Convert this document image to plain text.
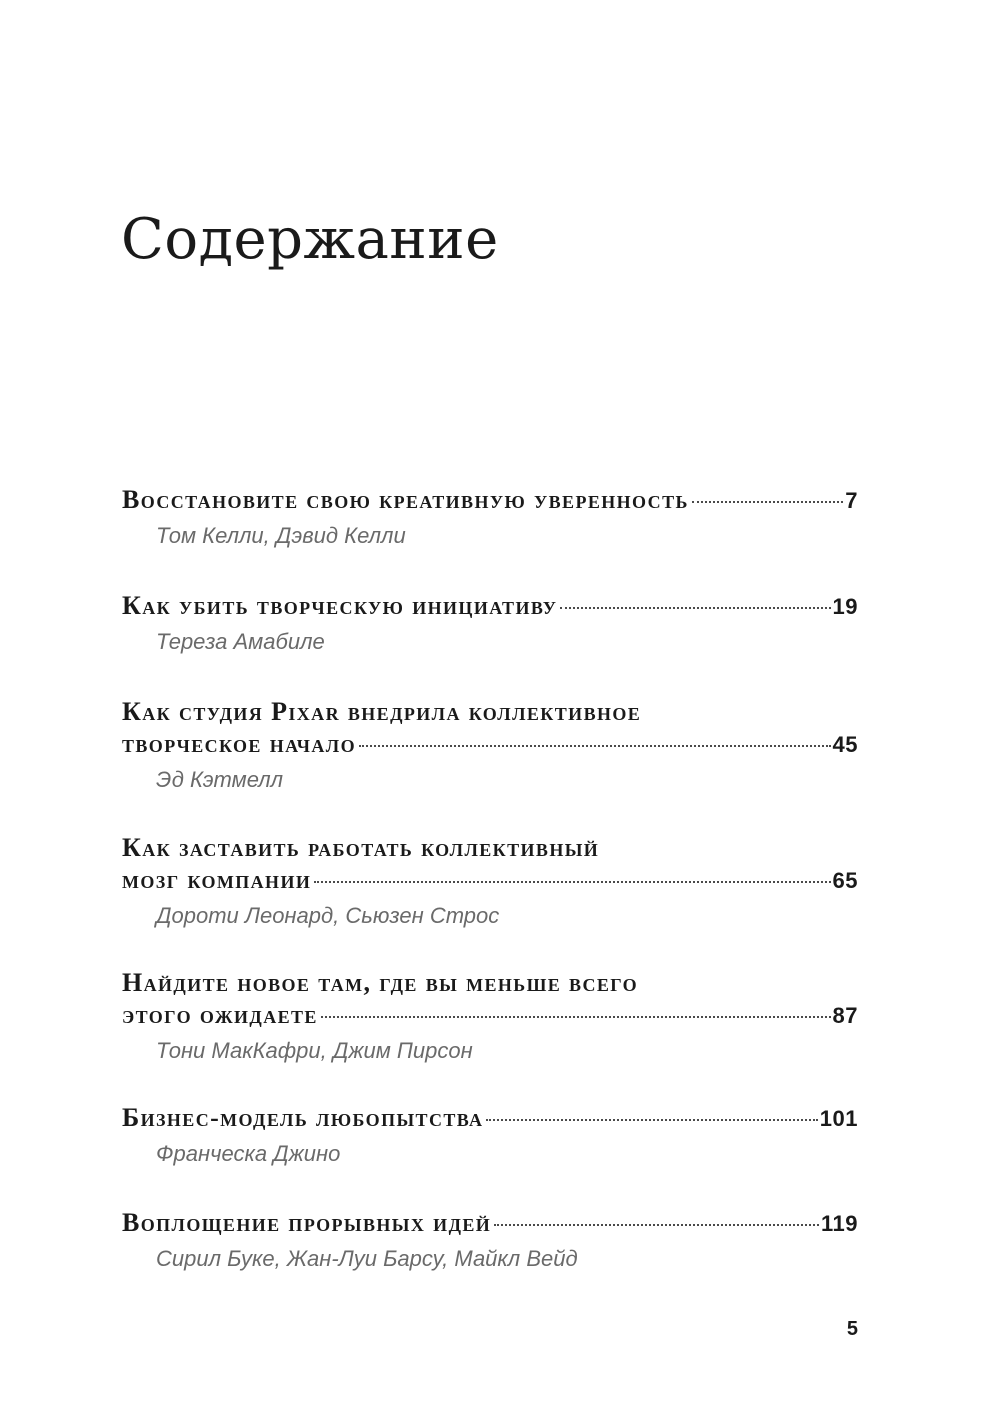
Содержание
Восстановите свою креативную уверенность	7
Том Келли, Дэвид Келли
Как убить творческую инициативу	19
Тереза Амабиле
Как студия Pixar внедрила коллективное
творческое начало	45
Эд Кэтмелл
Как заставить работать коллективный
мозг компании	65
Дороти Леонард, Сьюзен Строс
Найдите новое там, где вы меньше всего
этого ожидаете	87
Тони МакКафри, Джим Пирсон
Бизнес-модель любопытства	101
Франческа Джино
Воплощение прорывных идей	119
Сирил Буке, Жан-Луи Барсу, Майкл Вейд
5
